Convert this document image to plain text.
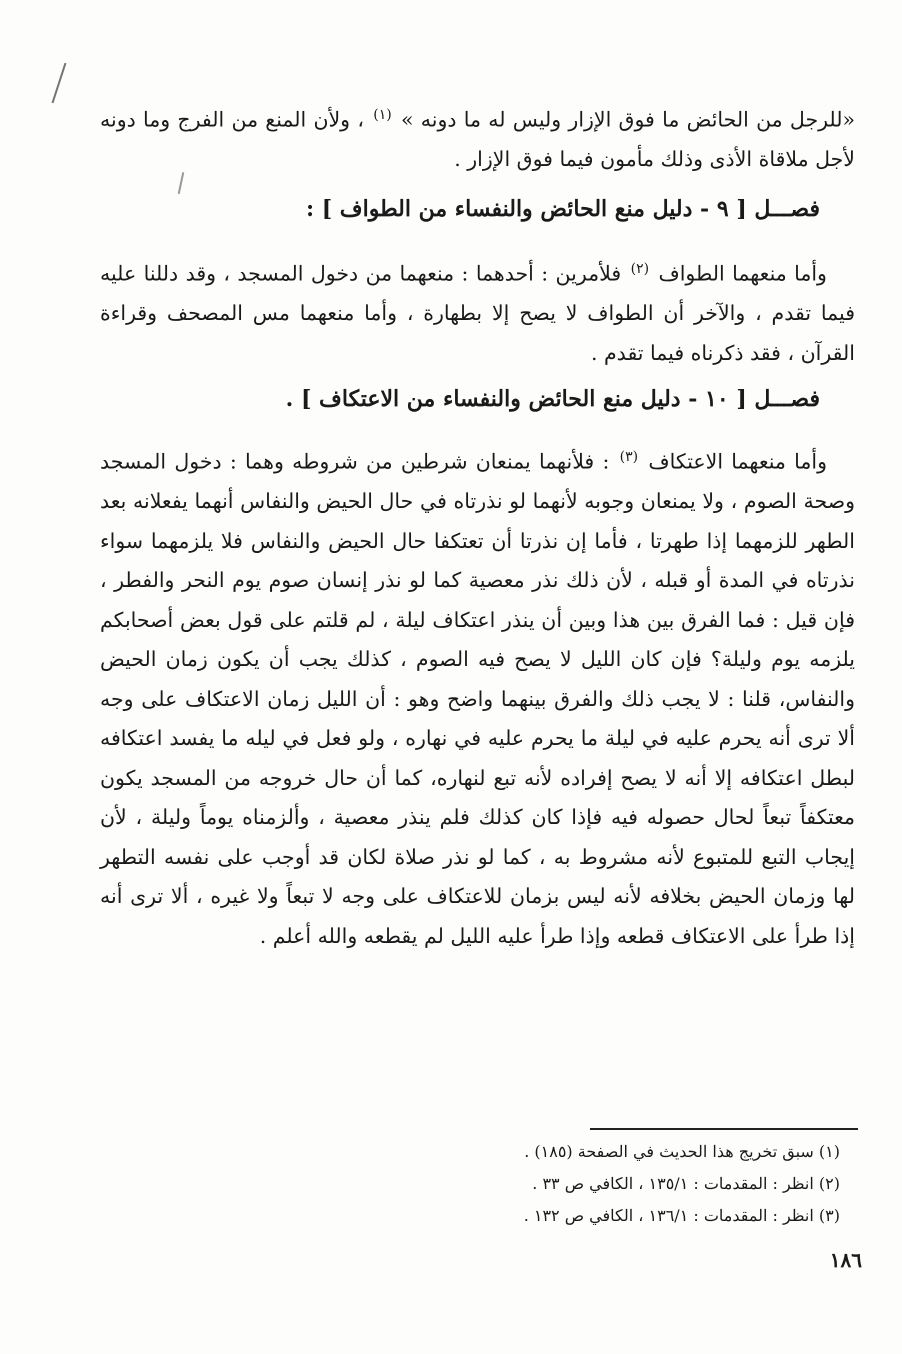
«للرجل من الحائض ما فوق الإزار وليس له ما دونه » $^{(١)}$ ، ولأن المنع من الفرج وما دونه لأجل ملاقاة الأذى وذلك مأمون فيما فوق الإزار .

فصـــل [ ٩ - دليل منع الحائض والنفساء من الطواف ] :

وأما منعهما الطواف $^{(٢)}$ فلأمرين : أحدهما : منعهما من دخول المسجد ، وقد دللنا عليه فيما تقدم ، والآخر أن الطواف لا يصح إلا بطهارة ، وأما منعهما مس المصحف وقراءة القرآن ، فقد ذكرناه فيما تقدم .

فصـــل [ ١٠ - دليل منع الحائض والنفساء من الاعتكاف ] .

وأما منعهما الاعتكاف $^{(٣)}$ : فلأنهما يمنعان شرطين من شروطه وهما : دخول المسجد وصحة الصوم ، ولا يمنعان وجوبه لأنهما لو نذرتاه في حال الحيض والنفاس أنهما يفعلانه بعد الطهر للزمهما إذا طهرتا ، فأما إن نذرتا أن تعتكفا حال الحيض والنفاس فلا يلزمهما سواء نذرتاه في المدة أو قبله ، لأن ذلك نذر معصية كما لو نذر إنسان صوم يوم النحر والفطر ، فإن قيل : فما الفرق بين هذا وبين أن ينذر اعتكاف ليلة ، لم قلتم على قول بعض أصحابكم يلزمه يوم وليلة؟ فإن كان الليل لا يصح فيه الصوم ، كذلك يجب أن يكون زمان الحيض والنفاس، قلنا : لا يجب ذلك والفرق بينهما واضح وهو : أن الليل زمان الاعتكاف على وجه ألا ترى أنه يحرم عليه في ليلة ما يحرم عليه في نهاره ، ولو فعل في ليله ما يفسد اعتكافه لبطل اعتكافه إلا أنه لا يصح إفراده لأنه تبع لنهاره، كما أن حال خروجه من المسجد يكون معتكفاً تبعاً لحال حصوله فيه فإذا كان كذلك فلم ينذر معصية ، وألزمناه يوماً وليلة ، لأن إيجاب التبع للمتبوع لأنه مشروط به ، كما لو نذر صلاة لكان قد أوجب على نفسه التطهر لها وزمان الحيض بخلافه لأنه ليس بزمان للاعتكاف على وجه لا تبعاً ولا غيره ، ألا ترى أنه إذا طرأ على الاعتكاف قطعه وإذا طرأ عليه الليل لم يقطعه والله أعلم .

(١) سبق تخريج هذا الحديث في الصفحة (١٨٥) .
(٢) انظر : المقدمات : ١٣٥/١ ، الكافي ص ٣٣ .
(٣) انظر : المقدمات : ١٣٦/١ ، الكافي ص ١٣٢ .
١٨٦
